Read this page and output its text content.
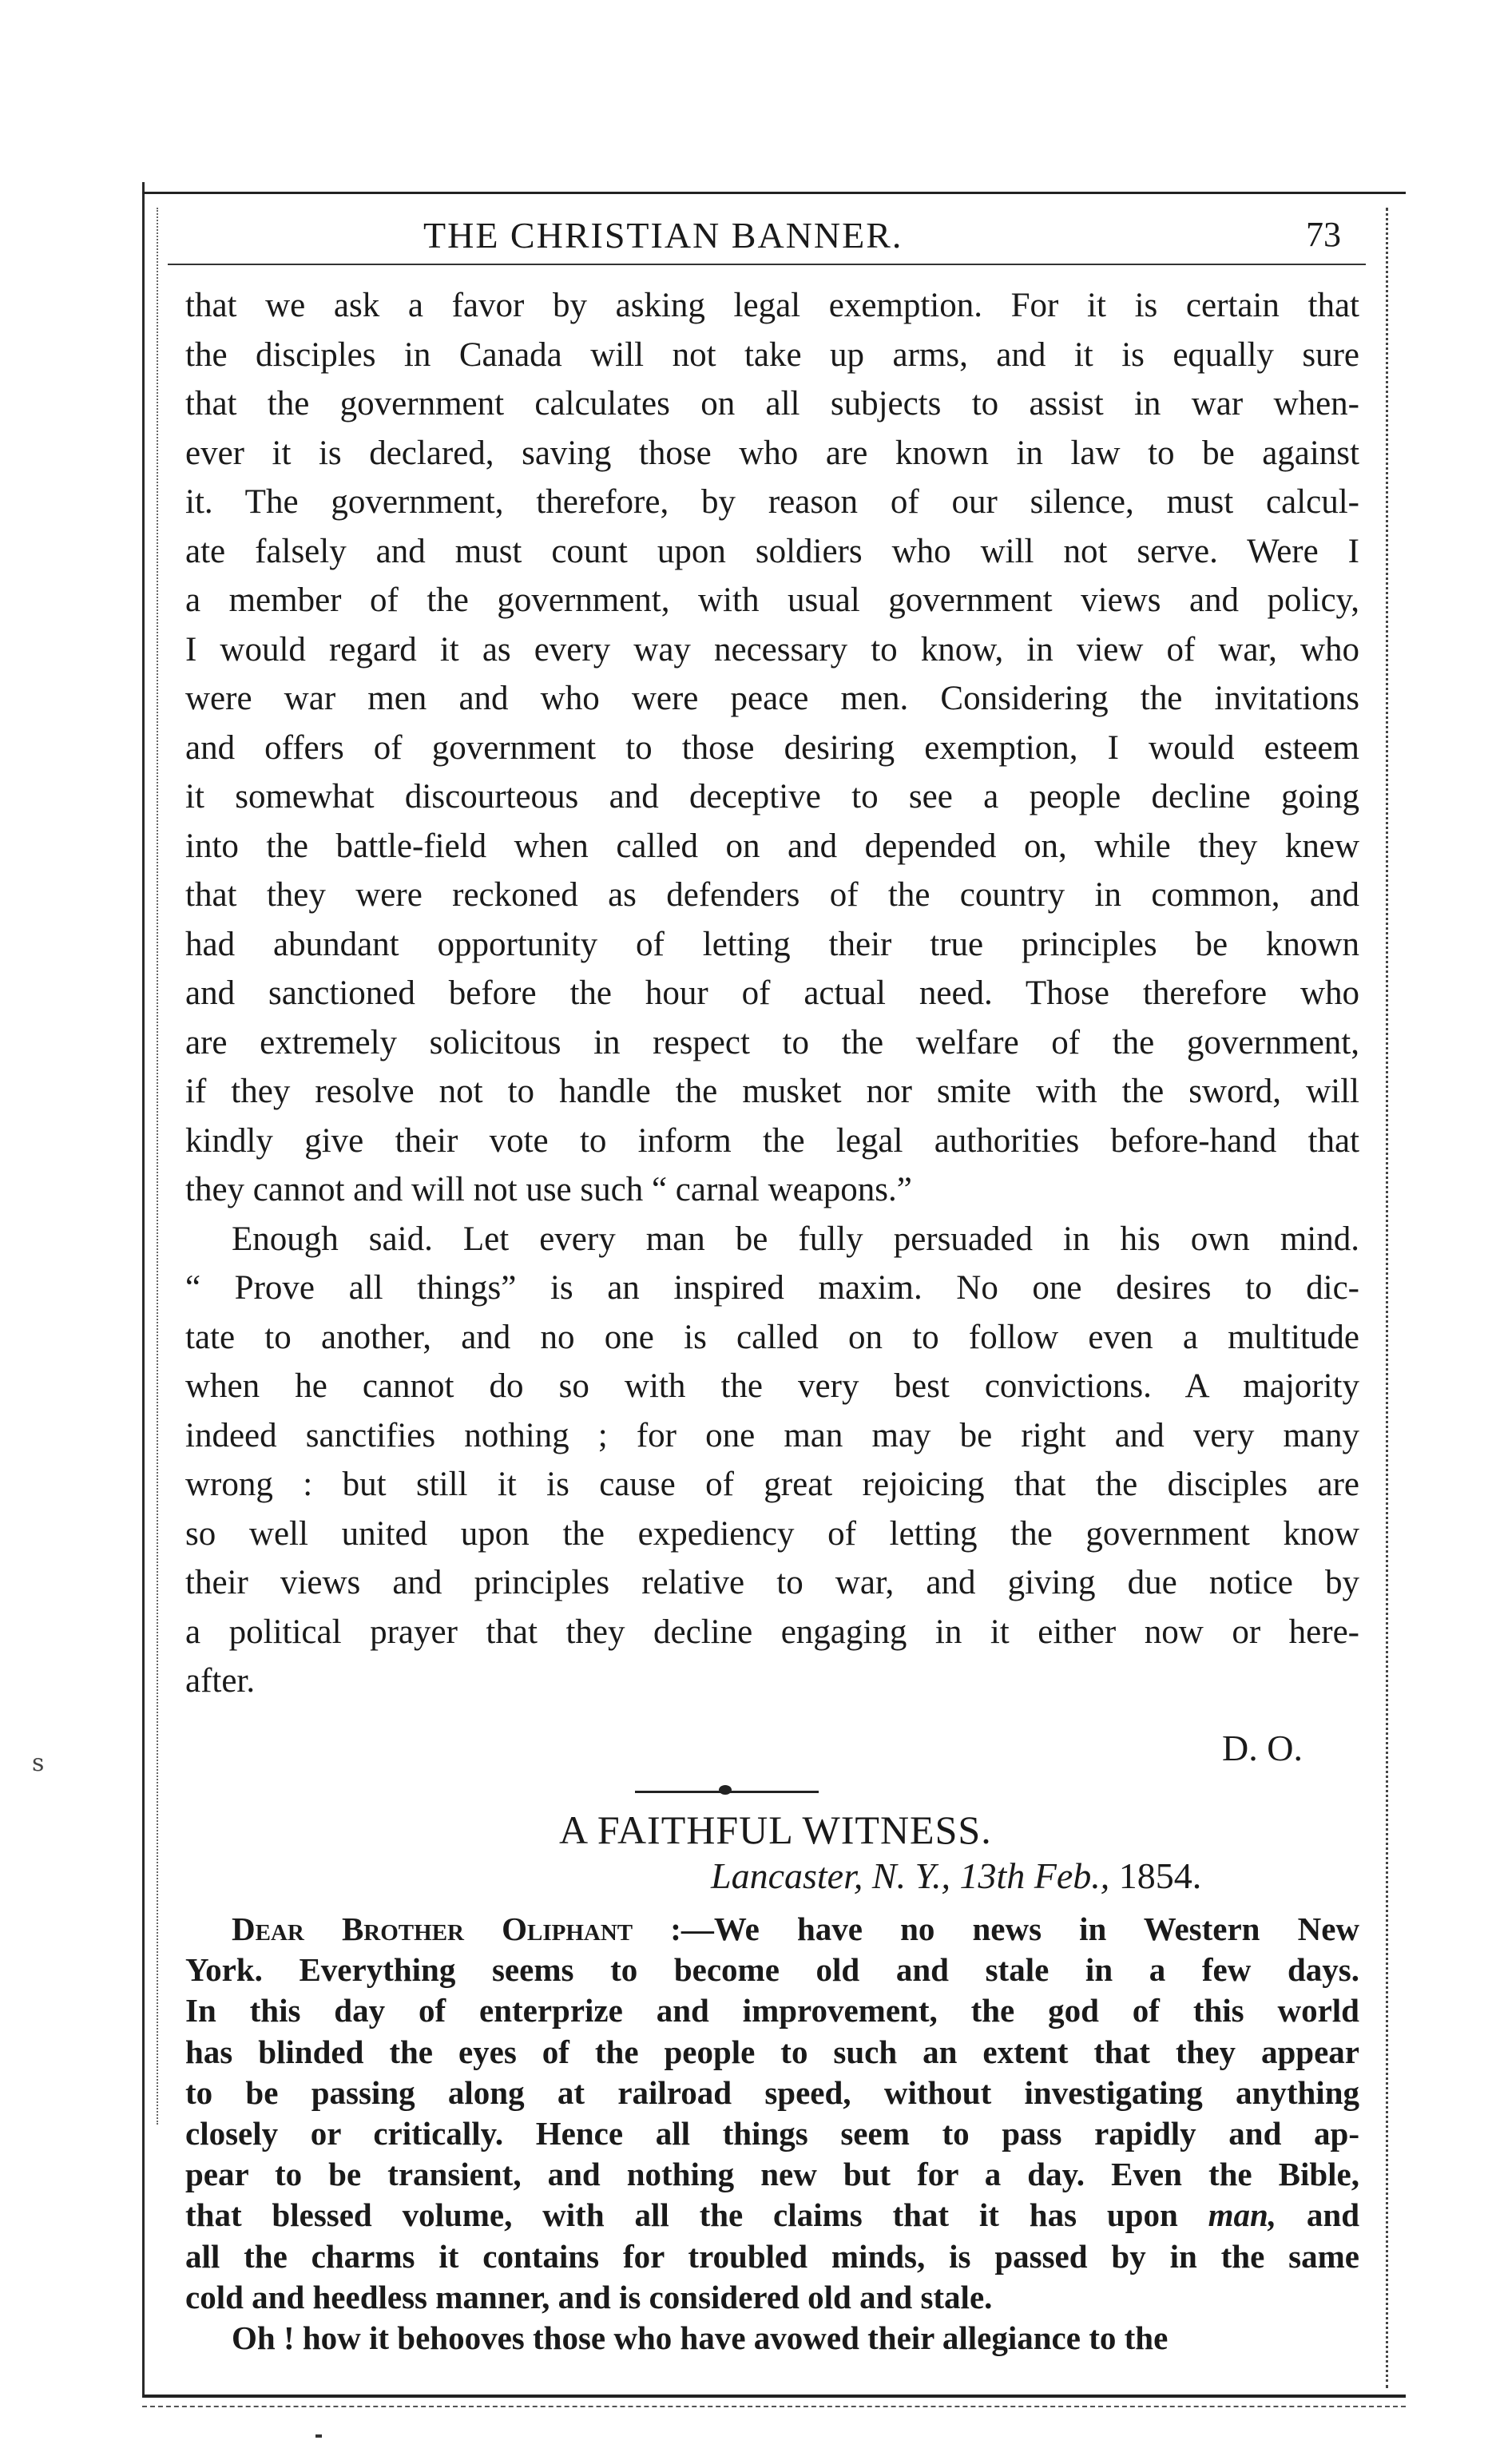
s
THE CHRISTIAN BANNER.	73
that we ask a favor by asking legal exemption. For it is certain that
the disciples in Canada will not take up arms, and it is equally sure
that the government calculates on all subjects to assist in war when-
ever it is declared, saving those who are known in law to be against
it. The government, therefore, by reason of our silence, must calcul-
ate falsely and must count upon soldiers who will not serve. Were I
a member of the government, with usual government views and policy,
I would regard it as every way necessary to know, in view of war, who
were war men and who were peace men. Considering the invitations
and offers of government to those desiring exemption, I would esteem
it somewhat discourteous and deceptive to see a people decline going
into the battle-field when called on and depended on, while they knew
that they were reckoned as defenders of the country in common, and
had abundant opportunity of letting their true principles be known
and sanctioned before the hour of actual need. Those therefore who
are extremely solicitous in respect to the welfare of the government,
if they resolve not to handle the musket nor smite with the sword, will
kindly give their vote to inform the legal authorities before-hand that
they cannot and will not use such “ carnal weapons.”
Enough said. Let every man be fully persuaded in his own mind.
“ Prove all things” is an inspired maxim. No one desires to dic-
tate to another, and no one is called on to follow even a multitude
when he cannot do so with the very best convictions. A majority
indeed sanctifies nothing ; for one man may be right and very many
wrong : but still it is cause of great rejoicing that the disciples are
so well united upon the expediency of letting the government know
their views and principles relative to war, and giving due notice by
a political prayer that they decline engaging in it either now or here-
after.
D. O.
A FAITHFUL WITNESS.
Lancaster, N. Y., 13th Feb., 1854.
Dear Brother Oliphant :—We have no news in Western New
York. Everything seems to become old and stale in a few days.
In this day of enterprize and improvement, the god of this world
has blinded the eyes of the people to such an extent that they appear
to be passing along at railroad speed, without investigating anything
closely or critically. Hence all things seem to pass rapidly and ap-
pear to be transient, and nothing new but for a day. Even the Bible,
that blessed volume, with all the claims that it has upon man, and
all the charms it contains for troubled minds, is passed by in the same
cold and heedless manner, and is considered old and stale.
Oh ! how it behooves those who have avowed their allegiance to the
